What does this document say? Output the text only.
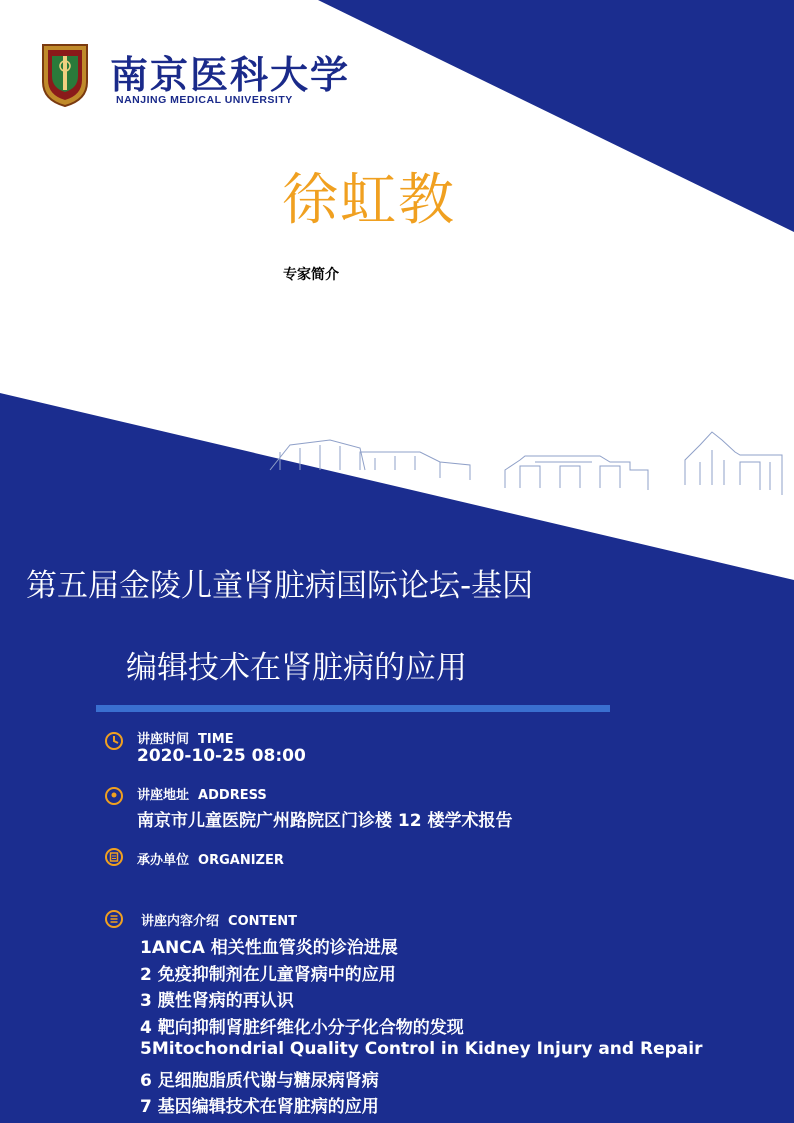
南京医科大学
NANJING MEDICAL UNIVERSITY
徐虹教
专家简介
第五届金陵儿童肾脏病国际论坛-基因
编辑技术在肾脏病的应用
讲座时间  TIME
2020-10-25 08:00
讲座地址  ADDRESS
南京市儿童医院广州路院区门诊楼 12 楼学术报告
承办单位  ORGANIZER
讲座内容介绍  CONTENT
1ANCA 相关性血管炎的诊治进展
2 免疫抑制剂在儿童肾病中的应用
3 膜性肾病的再认识
4 靶向抑制肾脏纤维化小分子化合物的发现
5Mitochondrial Quality Control in Kidney Injury and Repair
6 足细胞脂质代谢与糖尿病肾病
7 基因编辑技术在肾脏病的应用
